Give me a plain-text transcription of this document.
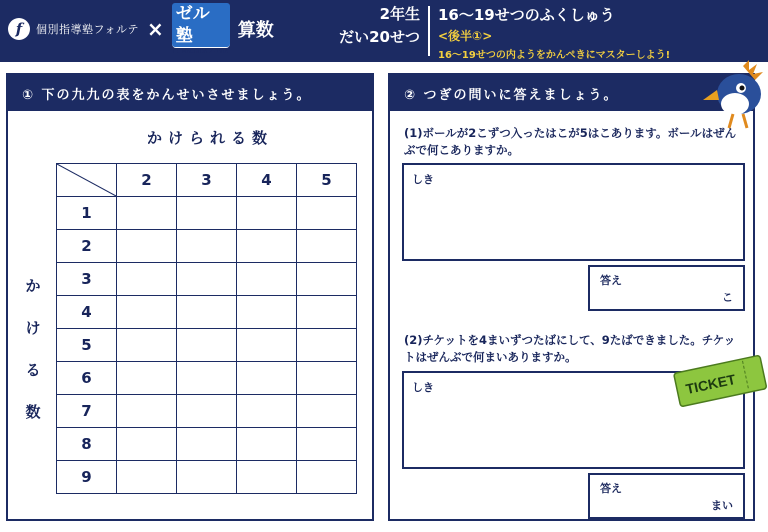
f	個別指導塾フォルテ ×
ゼル塾
FC MACHIDA ZELVIA
算数
2年生
だい20せつ
16〜19せつのふくしゅう
<後半①>
16〜19せつの内ようをかんぺきにマスターしよう!
① 下の九九の表をかんせいさせましょう。
かけられる数
か
け
る
数
	2	3	4	5
1				
2				
3				
4				
5				
6				
7				
8				
9				
② つぎの問いに答えましょう。
(1)ボールが2こずつ入ったはこが5はこあります。ボールはぜんぶで何こありますか。
しき
答え
こ
(2)チケットを4まいずつたばにして、9たばできました。チケットはぜんぶで何まいありますか。
しき
答え
まい
TICKET
